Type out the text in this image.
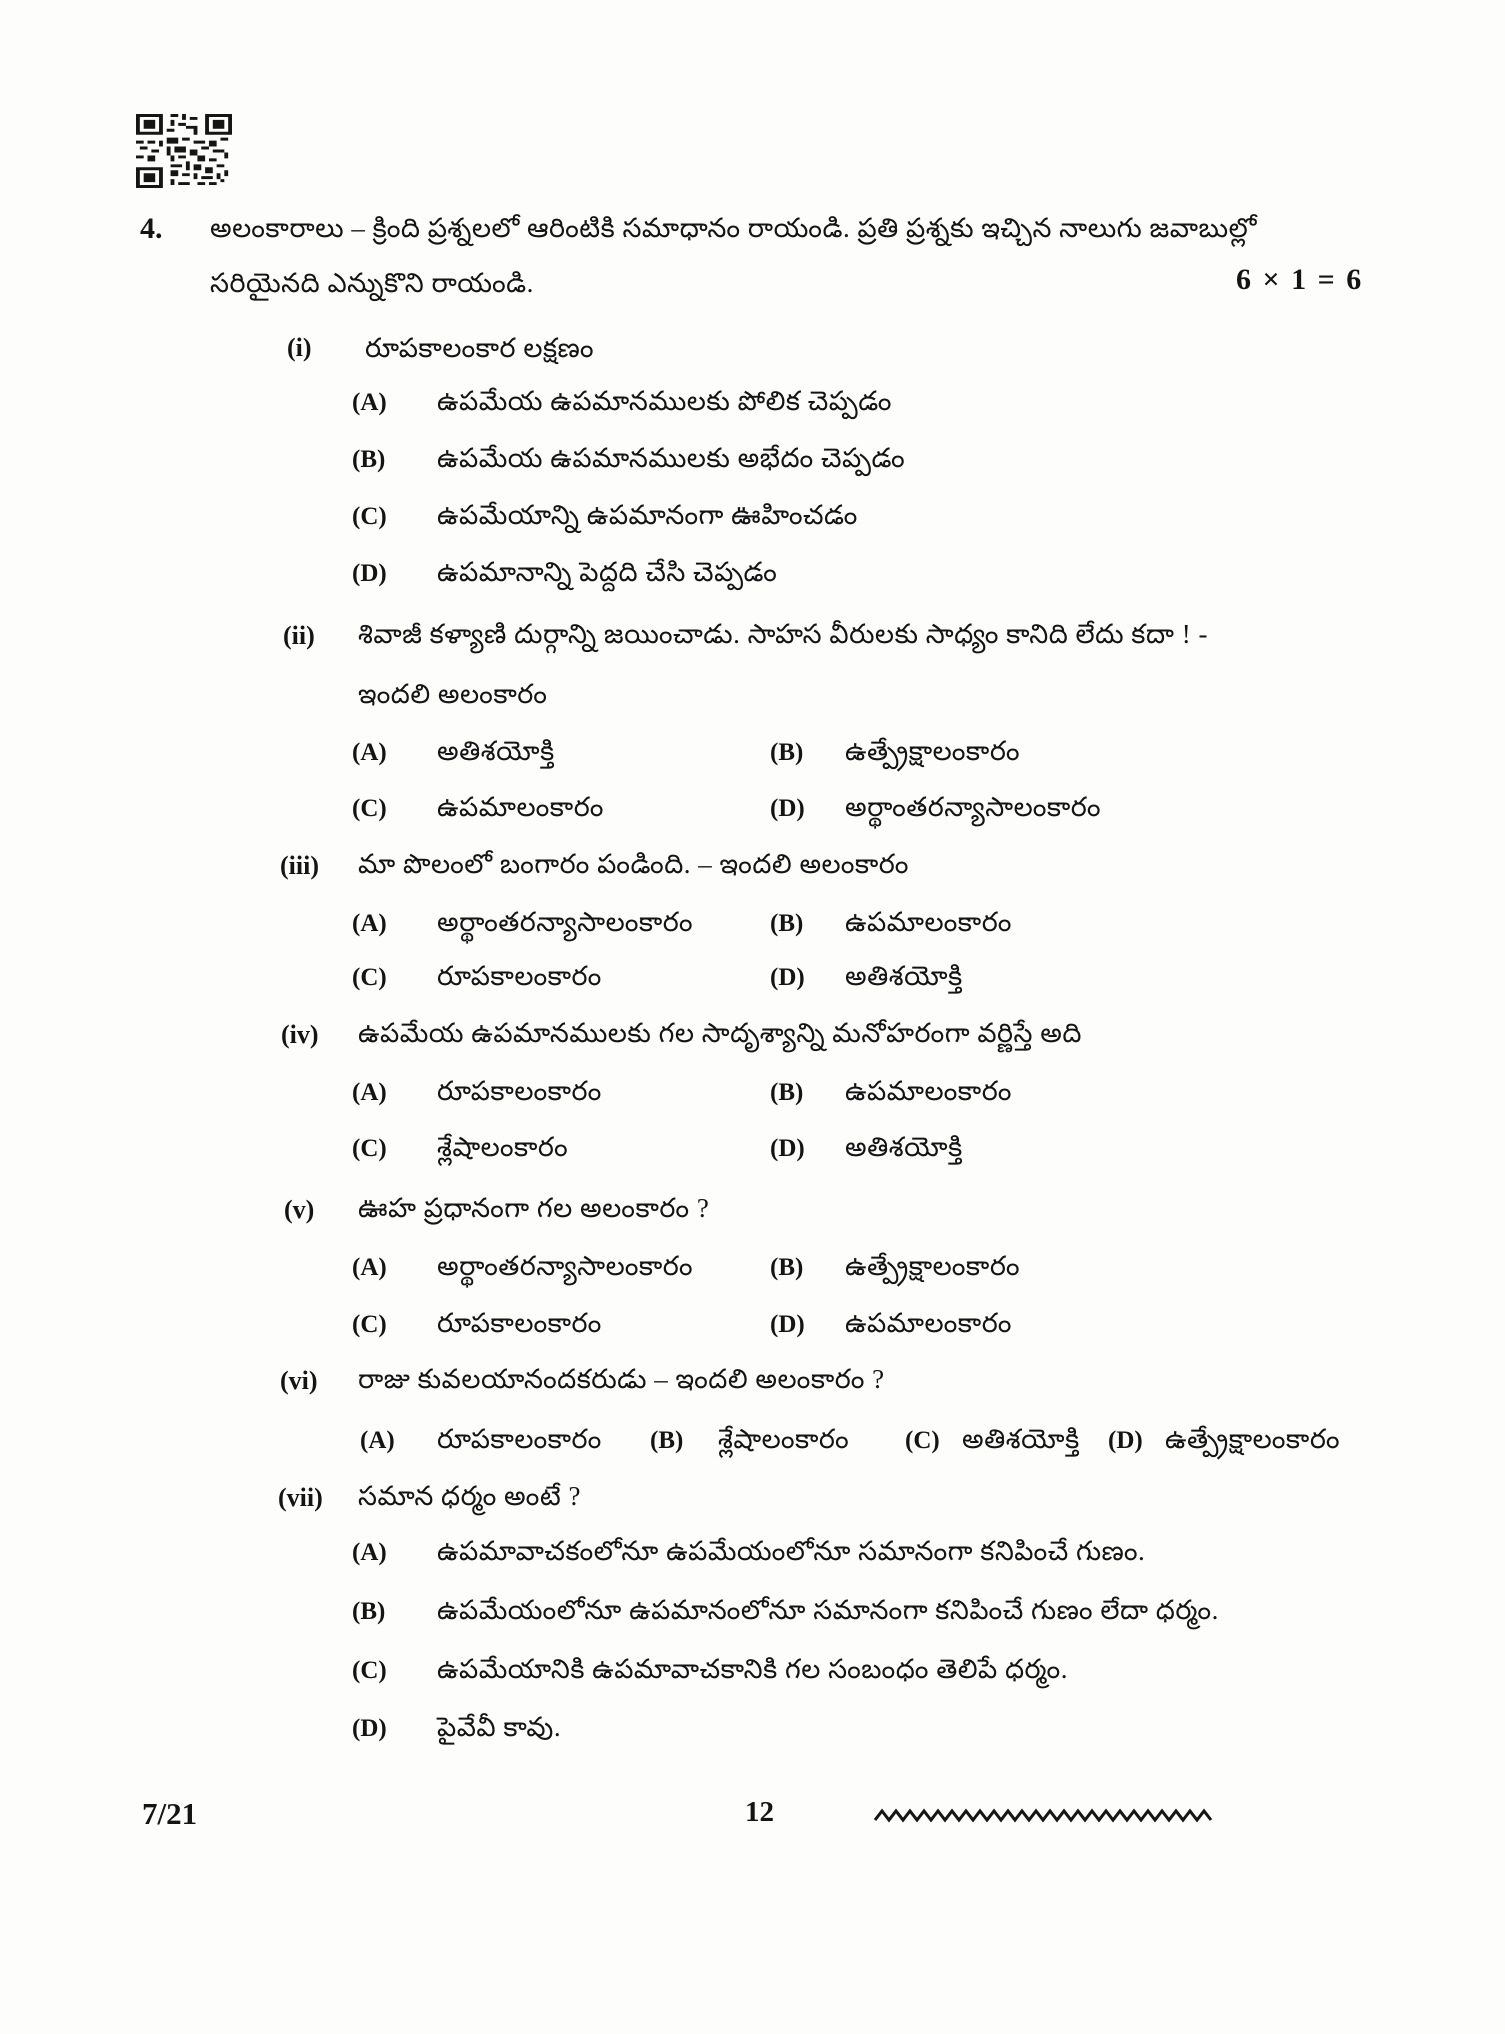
4. అలంకారాలు – క్రింది ప్రశ్నలలో ఆరింటికి సమాధానం రాయండి. ప్రతి ప్రశ్నకు ఇచ్చిన నాలుగు జవాబుల్లో
సరియైనది ఎన్నుకొని రాయండి.	6 × 1 = 6
(i) రూపకాలంకార లక్షణం
(A) ఉపమేయ ఉపమానములకు పోలిక చెప్పడం
(B) ఉపమేయ ఉపమానములకు అభేదం చెప్పడం
(C) ఉపమేయాన్ని ఉపమానంగా ఊహించడం
(D) ఉపమానాన్ని పెద్దది చేసి చెప్పడం
(ii) శివాజీ కళ్యాణి దుర్గాన్ని జయించాడు. సాహస వీరులకు సాధ్యం కానిది లేదు కదా ! -
ఇందలి అలంకారం
(A) అతిశయోక్తి	(B) ఉత్ప్రేక్షాలంకారం
(C) ఉపమాలంకారం	(D) అర్థాంతరన్యాసాలంకారం
(iii) మా పొలంలో బంగారం పండింది. – ఇందలి అలంకారం
(A) అర్థాంతరన్యాసాలంకారం	(B) ఉపమాలంకారం
(C) రూపకాలంకారం	(D) అతిశయోక్తి
(iv) ఉపమేయ ఉపమానములకు గల సాదృశ్యాన్ని మనోహరంగా వర్ణిస్తే అది
(A) రూపకాలంకారం	(B) ఉపమాలంకారం
(C) శ్లేషాలంకారం	(D) అతిశయోక్తి
(v) ఊహ ప్రధానంగా గల అలంకారం ?
(A) అర్థాంతరన్యాసాలంకారం	(B) ఉత్ప్రేక్షాలంకారం
(C) రూపకాలంకారం	(D) ఉపమాలంకారం
(vi) రాజు కువలయానందకరుడు – ఇందలి అలంకారం ?
(A) రూపకాలంకారం (B) శ్లేషాలంకారం (C) అతిశయోక్తి (D) ఉత్ప్రేక్షాలంకారం
(vii) సమాన ధర్మం అంటే ?
(A) ఉపమావాచకంలోనూ ఉపమేయంలోనూ సమానంగా కనిపించే గుణం.
(B) ఉపమేయంలోనూ ఉపమానంలోనూ సమానంగా కనిపించే గుణం లేదా ధర్మం.
(C) ఉపమేయానికి ఉపమావాచకానికి గల సంబంధం తెలిపే ధర్మం.
(D) పైవేవీ కావు.
7/21	12
